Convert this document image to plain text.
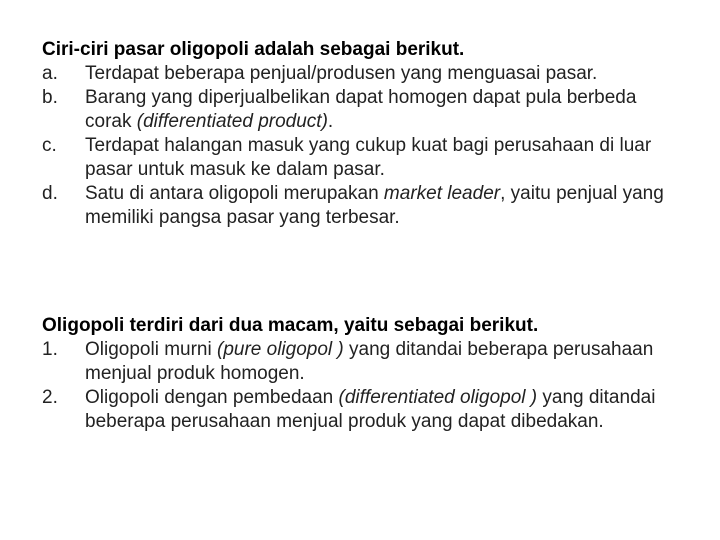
Ciri-ciri pasar oligopoli adalah sebagai berikut.

a. Terdapat beberapa penjual/produsen yang menguasai pasar.
b. Barang yang diperjualbelikan dapat homogen dapat pula berbeda corak (differentiated product).
c. Terdapat halangan masuk yang cukup kuat bagi perusahaan di luar pasar untuk masuk ke dalam pasar.
d. Satu di antara oligopoli merupakan market leader, yaitu penjual yang memiliki pangsa pasar yang terbesar.

Oligopoli terdiri dari dua macam, yaitu sebagai berikut.

1. Oligopoli murni (pure oligopol ) yang ditandai beberapa perusahaan menjual produk homogen.
2. Oligopoli dengan pembedaan (differentiated oligopol ) yang ditandai beberapa perusahaan menjual produk yang dapat dibedakan.
